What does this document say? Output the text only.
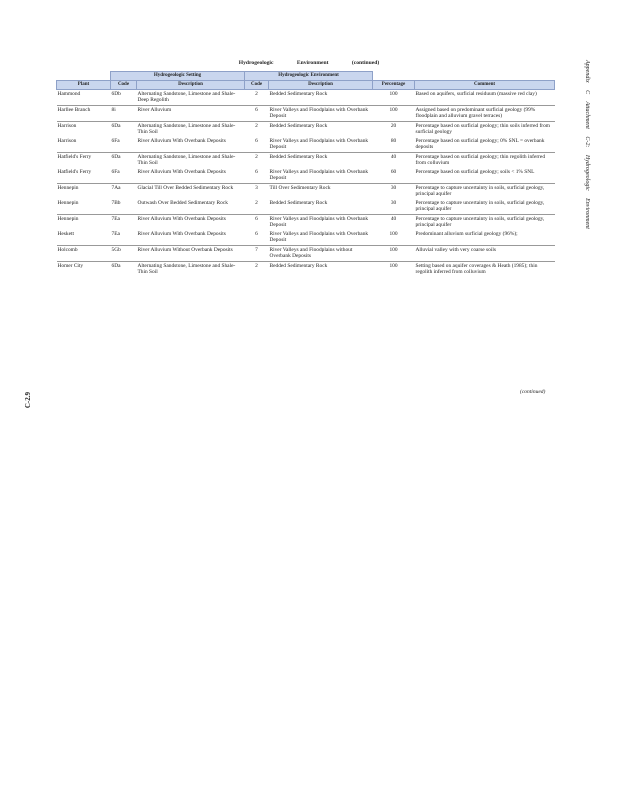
Hydrogeologic Environment (continued)	Appendix C Attachment C-2: Hydrogeologic Environment
C-2.9
	Hydrogeologic Setting		Hydrogeologic Environment			
Plant	Code	Description	Code	Description	Percentage	Comment
Hammond	6Db	Alternating Sandstone, Limestone and Shale-Deep Regolith	2	Bedded Sedimentary Rock	100	Based on aquifers, surficial residuum (massive red clay)
Harllee Branch	8i	River Alluvium	6	River Valleys and Floodplains with Overbank Deposit	100	Assigned based on predominant surficial geology (99% floodplain and alluvium gravel terraces)
Harrison	6Da	Alternating Sandstone, Limestone and Shale- Thin Soil	2	Bedded Sedimentary Rock	20	Percentage based on surficial geology; thin soils inferred from surficial geology
Harrison	6Fa	River Alluvium With Overbank Deposits	6	River Valleys and Floodplains with Overbank Deposit	80	Percentage based on surficial geology; 0% SNL = overbank deposits
Hatfield's Ferry	6Da	Alternating Sandstone, Limestone and Shale- Thin Soil	2	Bedded Sedimentary Rock	40	Percentage based on surficial geology; thin regolith inferred from colluvium
Hatfield's Ferry	6Fa	River Alluvium With Overbank Deposits	6	River Valleys and Floodplains with Overbank Deposit	60	Percentage based on surficial geology; soils < 1% SNL
Hennepin	7Aa	Glacial Till Over Bedded Sedimentary Rock	3	Till Over Sedimentary Rock	30	Percentage to capture uncertainty in soils, surficial geology, principal aquifer
Hennepin	7Bb	Outwash Over Bedded Sedimentary Rock	2	Bedded Sedimentary Rock	30	Percentage to capture uncertainty in soils, surficial geology, principal aquifer
Hennepin	7Ea	River Alluvium With Overbank Deposits	6	River Valleys and Floodplains with Overbank Deposit	40	Percentage to capture uncertainty in soils, surficial geology, principal aquifer
Heskett	7Ea	River Alluvium With Overbank Deposits	6	River Valleys and Floodplains with Overbank Deposit	100	Predominant alluvium surficial geology (96%);
Holcomb	5Gb	River Alluvium Without Overbank Deposits	7	River Valleys and Floodplains without Overbank Deposits	100	Alluvial valley with very coarse soils
Homer City	6Da	Alternating Sandstone, Limestone and Shale- Thin Soil	2	Bedded Sedimentary Rock	100	Setting based on aquifer coverages & Heath (1985); thin regolith inferred from colluvium
(continued)
